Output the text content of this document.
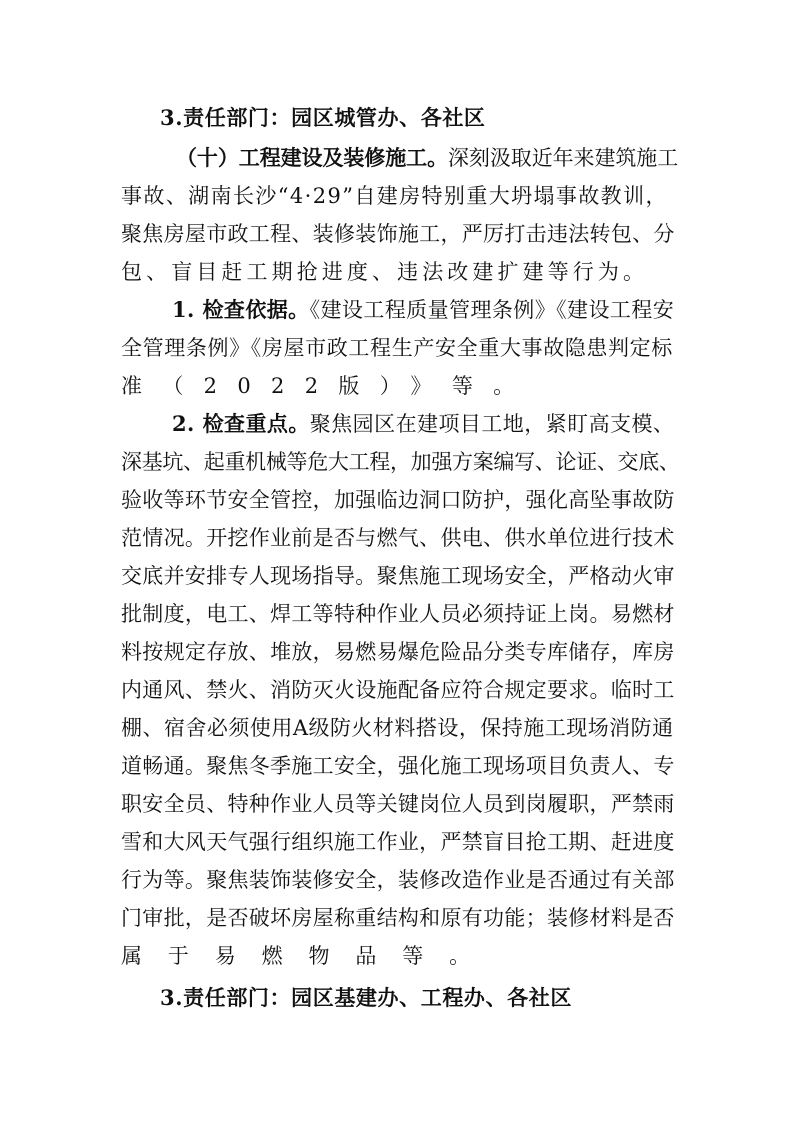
3.责任部门：园区城管办、各社区
（十）工程建设及装修施工。深刻汲取近年来建筑施工
事故、湖南长沙“4·29”自建房特别重大坍塌事故教训，
聚焦房屋市政工程、装修装饰施工，严厉打击违法转包、分
包、盲目赶工期抢进度、违法改建扩建等行为。
1. 检查依据。《建设工程质量管理条例》《建设工程安
全管理条例》《房屋市政工程生产安全重大事故隐患判定标
准（2022版）》等。
2. 检查重点。聚焦园区在建项目工地，紧盯高支模、
深基坑、起重机械等危大工程，加强方案编写、论证、交底、
验收等环节安全管控，加强临边洞口防护，强化高坠事故防
范情况。开挖作业前是否与燃气、供电、供水单位进行技术
交底并安排专人现场指导。聚焦施工现场安全，严格动火审
批制度，电工、焊工等特种作业人员必须持证上岗。易燃材
料按规定存放、堆放，易燃易爆危险品分类专库储存，库房
内通风、禁火、消防灭火设施配备应符合规定要求。临时工
棚、宿舍必须使用A级防火材料搭设，保持施工现场消防通
道畅通。聚焦冬季施工安全，强化施工现场项目负责人、专
职安全员、特种作业人员等关键岗位人员到岗履职，严禁雨
雪和大风天气强行组织施工作业，严禁盲目抢工期、赶进度
行为等。聚焦装饰装修安全，装修改造作业是否通过有关部
门审批，是否破坏房屋称重结构和原有功能；装修材料是否
属于易燃物品等。
3.责任部门：园区基建办、工程办、各社区
